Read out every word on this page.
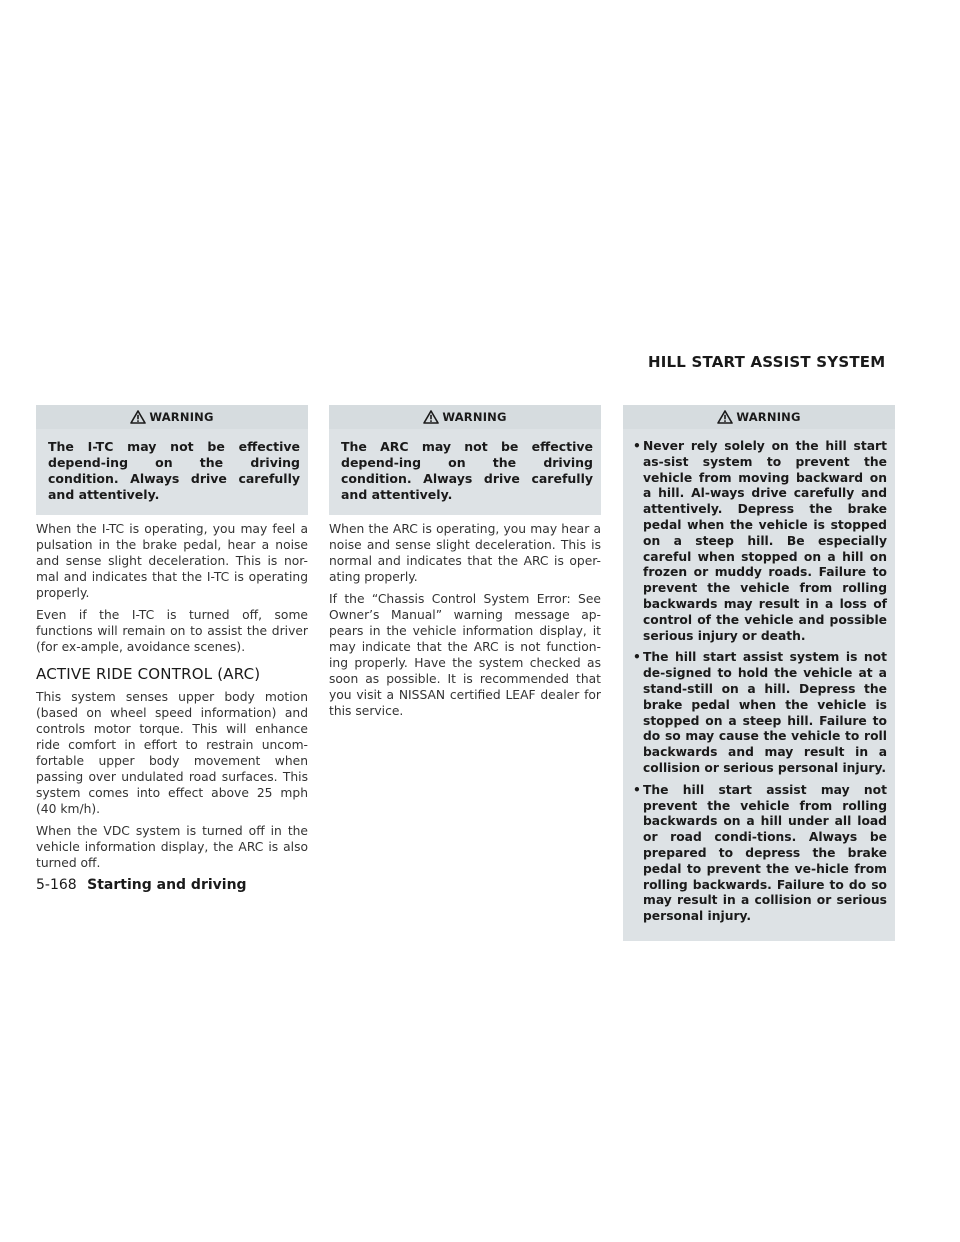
HILL START ASSIST SYSTEM
WARNING
The I-TC may not be effective depend-ing on the driving condition. Always drive carefully and attentively.

When the I-TC is operating, you may feel a pulsation in the brake pedal, hear a noise and sense slight deceleration. This is nor-mal and indicates that the I-TC is operating properly.

Even if the I-TC is turned off, some functions will remain on to assist the driver (for ex-ample, avoidance scenes).

ACTIVE RIDE CONTROL (ARC)

This system senses upper body motion (based on wheel speed information) and controls motor torque. This will enhance ride comfort in effort to restrain uncom-fortable upper body movement when passing over undulated road surfaces. This system comes into effect above 25 mph (40 km/h).

When the VDC system is turned off in the vehicle information display, the ARC is also turned off.

WARNING
The ARC may not be effective depend-ing on the driving condition. Always drive carefully and attentively.

When the ARC is operating, you may hear a noise and sense slight deceleration. This is normal and indicates that the ARC is oper-ating properly.

If the “Chassis Control System Error: See Owner’s Manual” warning message ap-pears in the vehicle information display, it may indicate that the ARC is not function-ing properly. Have the system checked as soon as possible. It is recommended that you visit a NISSAN certified LEAF dealer for this service.

WARNING
• Never rely solely on the hill start as-sist system to prevent the vehicle from moving backward on a hill. Al-ways drive carefully and attentively. Depress the brake pedal when the vehicle is stopped on a steep hill. Be especially careful when stopped on a hill on frozen or muddy roads. Failure to prevent the vehicle from rolling backwards may result in a loss of control of the vehicle and possible serious injury or death.
• The hill start assist system is not de-signed to hold the vehicle at a stand-still on a hill. Depress the brake pedal when the vehicle is stopped on a steep hill. Failure to do so may cause the vehicle to roll backwards and may result in a collision or serious personal injury.
• The hill start assist may not prevent the vehicle from rolling backwards on a hill under all load or road condi-tions. Always be prepared to depress the brake pedal to prevent the ve-hicle from rolling backwards. Failure to do so may result in a collision or serious personal injury.
5-168 Starting and driving
